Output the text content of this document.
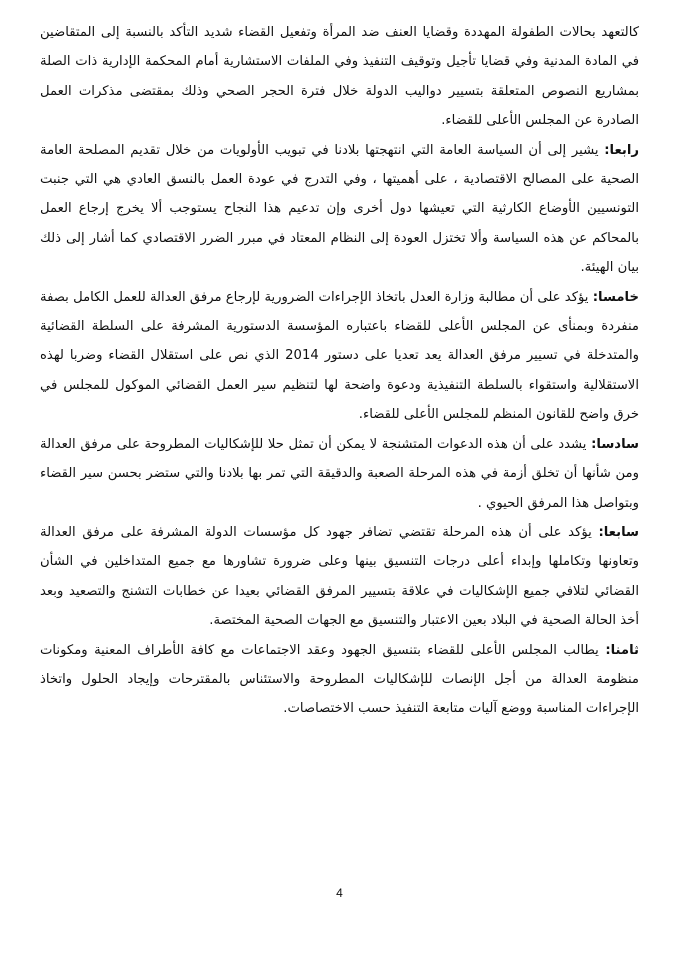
كالتعهد بحالات الطفولة المهددة وقضايا العنف ضد المرأة وتفعيل القضاء شديد التأكد بالنسبة إلى المتقاضين في المادة المدنية وفي قضايا تأجيل وتوقيف التنفيذ وفي الملفات الاستشارية أمام المحكمة الإدارية ذات الصلة بمشاريع النصوص المتعلقة بتسيير دواليب الدولة خلال فترة الحجر الصحي وذلك بمقتضى مذكرات العمل الصادرة عن المجلس الأعلى للقضاء.

رابعا: يشير إلى أن السياسة العامة التي انتهجتها بلادنا في تبويب الأولويات من خلال تقديم المصلحة العامة الصحية على المصالح الاقتصادية ، على أهميتها ، وفي التدرج في عودة العمل بالنسق العادي هي التي جنبت التونسيين الأوضاع الكارثية التي تعيشها دول أخرى وإن تدعيم هذا النجاح يستوجب ألا يخرج إرجاع العمل بالمحاكم عن هذه السياسة وألا تختزل العودة إلى النظام المعتاد في مبرر الضرر الاقتصادي كما أشار إلى ذلك بيان الهيئة.

خامسا: يؤكد على أن مطالبة وزارة العدل باتخاذ الإجراءات الضرورية لإرجاع مرفق العدالة للعمل الكامل بصفة منفردة وبمنأى عن المجلس الأعلى للقضاء باعتباره المؤسسة الدستورية المشرفة على السلطة القضائية والمتدخلة في تسيير مرفق العدالة يعد تعديا على دستور 2014 الذي نص على استقلال القضاء وضربا لهذه الاستقلالية واستقواء بالسلطة التنفيذية ودعوة واضحة لها لتنظيم سير العمل القضائي الموكول للمجلس في خرق واضح للقانون المنظم للمجلس الأعلى للقضاء.

سادسا: يشدد على أن هذه الدعوات المتشنجة لا يمكن أن تمثل حلا للإشكاليات المطروحة على مرفق العدالة ومن شأنها أن تخلق أزمة في هذه المرحلة الصعبة والدقيقة التي تمر بها بلادنا والتي ستضر بحسن سير القضاء وبتواصل هذا المرفق الحيوي .

سابعا: يؤكد على أن هذه المرحلة تقتضي تضافر جهود كل مؤسسات الدولة المشرفة على مرفق العدالة وتعاونها وتكاملها وإبداء أعلى درجات التنسيق بينها وعلى ضرورة تشاورها مع جميع المتداخلين في الشأن القضائي لتلافي جميع الإشكاليات في علاقة بتسيير المرفق القضائي بعيدا عن خطابات التشنج والتصعيد وبعد أخذ الحالة الصحية في البلاد بعين الاعتبار والتنسيق مع الجهات الصحية المختصة.

ثامنا: يطالب المجلس الأعلى للقضاء بتنسيق الجهود وعقد الاجتماعات مع كافة الأطراف المعنية ومكونات منظومة العدالة من أجل الإنصات للإشكاليات المطروحة والاستئناس بالمقترحات وإيجاد الحلول واتخاذ الإجراءات المناسبة ووضع آليات متابعة التنفيذ حسب الاختصاصات.

4
